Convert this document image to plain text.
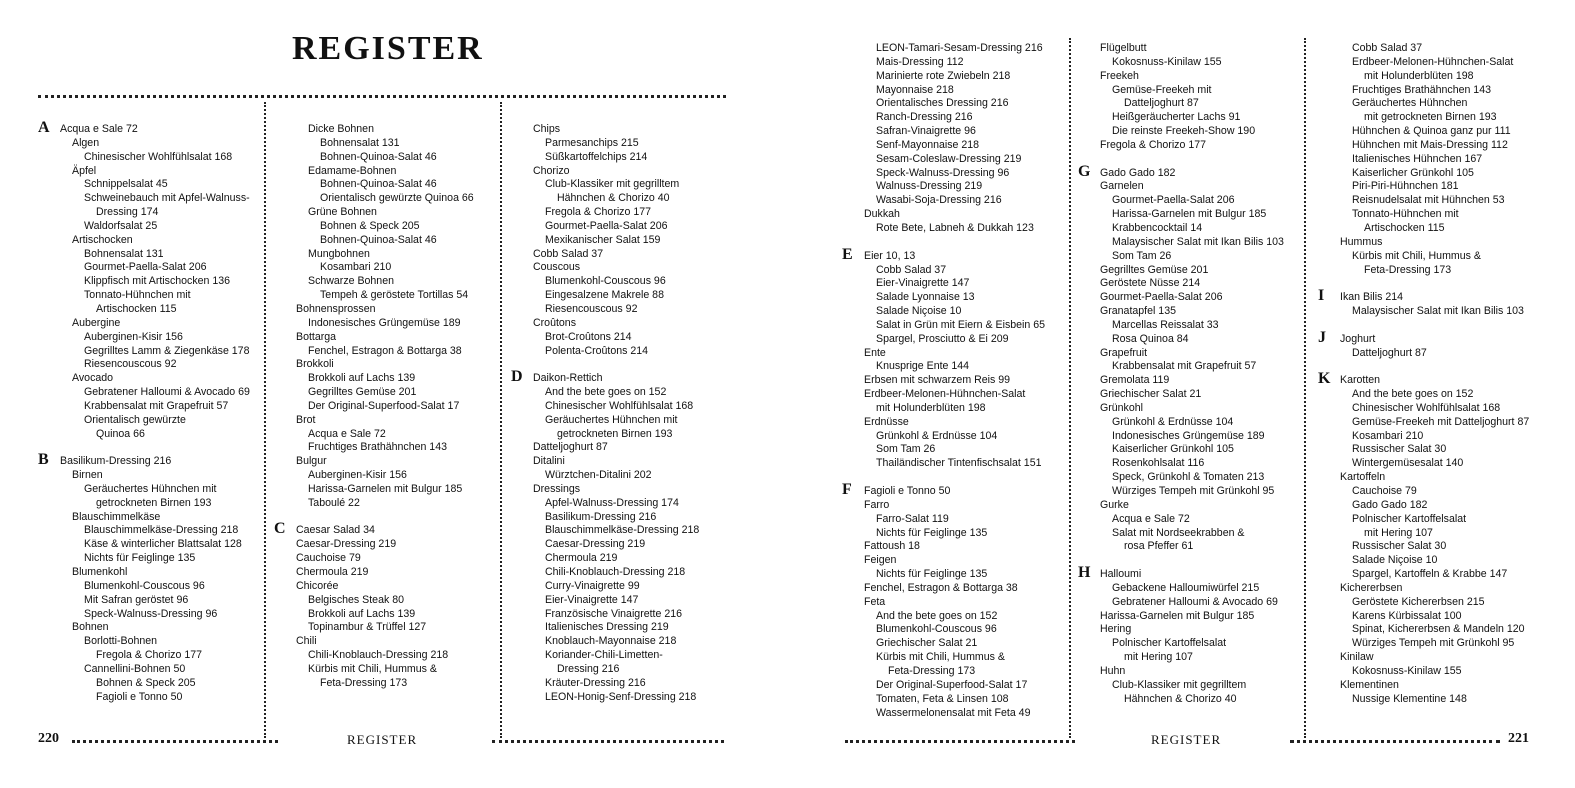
REGISTER
A Acqua e Sale 72
Algen
Chinesischer Wohlfühlsalat 168
Äpfel
Schnippelsalat 45
Schweinebauch mit Apfel-Walnuss-
Dressing 174
Waldorfsalat 25
Artischocken
Bohnensalat 131
Gourmet-Paella-Salat 206
Klippfisch mit Artischocken 136
Tonnato-Hühnchen mit
Artischocken 115
Aubergine
Auberginen-Kisir 156
Gegrilltes Lamm & Ziegenkäse 178
Riesencouscous 92
Avocado
Gebratener Halloumi & Avocado 69
Krabbensalat mit Grapefruit 57
Orientalisch gewürzte
Quinoa 66
B Basilikum-Dressing 216
Birnen
Geräuchertes Hühnchen mit
getrockneten Birnen 193
Blauschimmelkäse
Blauschimmelkäse-Dressing 218
Käse & winterlicher Blattsalat 128
Nichts für Feiglinge 135
Blumenkohl
Blumenkohl-Couscous 96
Mit Safran geröstet 96
Speck-Walnuss-Dressing 96
Bohnen
Borlotti-Bohnen
Fregola & Chorizo 177
Cannellini-Bohnen 50
Bohnen & Speck 205
Fagioli e Tonno 50
Dicke Bohnen
Bohnensalat 131
Bohnen-Quinoa-Salat 46
Edamame-Bohnen
Bohnen-Quinoa-Salat 46
Orientalisch gewürzte Quinoa 66
Grüne Bohnen
Bohnen & Speck 205
Bohnen-Quinoa-Salat 46
Mungbohnen
Kosambari 210
Schwarze Bohnen
Tempeh & geröstete Tortillas 54
Bohnensprossen
Indonesisches Grüngemüse 189
Bottarga
Fenchel, Estragon & Bottarga 38
Brokkoli
Brokkoli auf Lachs 139
Gegrilltes Gemüse 201
Der Original-Superfood-Salat 17
Brot
Acqua e Sale 72
Fruchtiges Brathähnchen 143
Bulgur
Auberginen-Kisir 156
Harissa-Garnelen mit Bulgur 185
Taboulé 22
C Caesar Salad 34
Caesar-Dressing 219
Cauchoise 79
Chermoula 219
Chicorée
Belgisches Steak 80
Brokkoli auf Lachs 139
Topinambur & Trüffel 127
Chili
Chili-Knoblauch-Dressing 218
Kürbis mit Chili, Hummus &
Feta-Dressing 173
Chips
Parmesanchips 215
Süßkartoffelchips 214
Chorizo
Club-Klassiker mit gegrilltem
Hähnchen & Chorizo 40
Fregola & Chorizo 177
Gourmet-Paella-Salat 206
Mexikanischer Salat 159
Cobb Salad 37
Couscous
Blumenkohl-Couscous 96
Eingesalzene Makrele 88
Riesencouscous 92
Croûtons
Brot-Croûtons 214
Polenta-Croûtons 214
D Daikon-Rettich
And the bete goes on 152
Chinesischer Wohlfühlsalat 168
Geräuchertes Hühnchen mit
getrockneten Birnen 193
Datteljoghurt 87
Ditalini
Würztchen-Ditalini 202
Dressings
Apfel-Walnuss-Dressing 174
Basilikum-Dressing 216
Blauschimmelkäse-Dressing 218
Caesar-Dressing 219
Chermoula 219
Chili-Knoblauch-Dressing 218
Curry-Vinaigrette 99
Eier-Vinaigrette 147
Französische Vinaigrette 216
Italienisches Dressing 219
Knoblauch-Mayonnaise 218
Koriander-Chili-Limetten-
Dressing 216
Kräuter-Dressing 216
LEON-Honig-Senf-Dressing 218
LEON-Tamari-Sesam-Dressing 216
Mais-Dressing 112
Marinierte rote Zwiebeln 218
Mayonnaise 218
Orientalisches Dressing 216
Ranch-Dressing 216
Safran-Vinaigrette 96
Senf-Mayonnaise 218
Sesam-Coleslaw-Dressing 219
Speck-Walnuss-Dressing 96
Walnuss-Dressing 219
Wasabi-Soja-Dressing 216
Dukkah
Rote Bete, Labneh & Dukkah 123
E Eier 10, 13
Cobb Salad 37
Eier-Vinaigrette 147
Salade Lyonnaise 13
Salade Niçoise 10
Salat in Grün mit Eiern & Eisbein 65
Spargel, Prosciutto & Ei 209
Ente
Knusprige Ente 144
Erbsen mit schwarzem Reis 99
Erdbeer-Melonen-Hühnchen-Salat
mit Holunderblüten 198
Erdnüsse
Grünkohl & Erdnüsse 104
Som Tam 26
Thailändischer Tintenfischsalat 151
F Fagioli e Tonno 50
Farro
Farro-Salat 119
Nichts für Feiglinge 135
Fattoush 18
Feigen
Nichts für Feiglinge 135
Fenchel, Estragon & Bottarga 38
Feta
And the bete goes on 152
Blumenkohl-Couscous 96
Griechischer Salat 21
Kürbis mit Chili, Hummus &
Feta-Dressing 173
Der Original-Superfood-Salat 17
Tomaten, Feta & Linsen 108
Wassermelonensalat mit Feta 49
Flügelbutt
Kokosnuss-Kinilaw 155
Freekeh
Gemüse-Freekeh mit
Datteljoghurt 87
Heißgeräucherter Lachs 91
Die reinste Freekeh-Show 190
Fregola & Chorizo 177
G Gado Gado 182
Garnelen
Gourmet-Paella-Salat 206
Harissa-Garnelen mit Bulgur 185
Krabbencocktail 14
Malaysischer Salat mit Ikan Bilis 103
Som Tam 26
Gegrilltes Gemüse 201
Geröstete Nüsse 214
Gourmet-Paella-Salat 206
Granatapfel 135
Marcellas Reissalat 33
Rosa Quinoa 84
Grapefruit
Krabbensalat mit Grapefruit 57
Gremolata 119
Griechischer Salat 21
Grünkohl
Grünkohl & Erdnüsse 104
Indonesisches Grüngemüse 189
Kaiserlicher Grünkohl 105
Rosenkohlsalat 116
Speck, Grünkohl & Tomaten 213
Würziges Tempeh mit Grünkohl 95
Gurke
Acqua e Sale 72
Salat mit Nordseekrabben &
rosa Pfeffer 61
H Halloumi
Gebackene Halloumiwürfel 215
Gebratener Halloumi & Avocado 69
Harissa-Garnelen mit Bulgur 185
Hering
Polnischer Kartoffelsalat
mit Hering 107
Huhn
Club-Klassiker mit gegrilltem
Hähnchen & Chorizo 40
Cobb Salad 37
Erdbeer-Melonen-Hühnchen-Salat
mit Holunderblüten 198
Fruchtiges Brathähnchen 143
Geräuchertes Hühnchen
mit getrockneten Birnen 193
Hühnchen & Quinoa ganz pur 111
Hühnchen mit Mais-Dressing 112
Italienisches Hühnchen 167
Kaiserlicher Grünkohl 105
Piri-Piri-Hühnchen 181
Reisnudelsalat mit Hühnchen 53
Tonnato-Hühnchen mit
Artischocken 115
Hummus
Kürbis mit Chili, Hummus &
Feta-Dressing 173
I Ikan Bilis 214
Malaysischer Salat mit Ikan Bilis 103
J Joghurt
Datteljoghurt 87
K Karotten
And the bete goes on 152
Chinesischer Wohlfühlsalat 168
Gemüse-Freekeh mit Datteljoghurt 87
Kosambari 210
Russischer Salat 30
Wintergemüsesalat 140
Kartoffeln
Cauchoise 79
Gado Gado 182
Polnischer Kartoffelsalat
mit Hering 107
Russischer Salat 30
Salade Niçoise 10
Spargel, Kartoffeln & Krabbe 147
Kichererbsen
Geröstete Kichererbsen 215
Karens Kürbissalat 100
Spinat, Kichererbsen & Mandeln 120
Würziges Tempeh mit Grünkohl 95
Kinilaw
Kokosnuss-Kinilaw 155
Klementinen
Nussige Klementine 148
220	REGISTER	REGISTER	221
